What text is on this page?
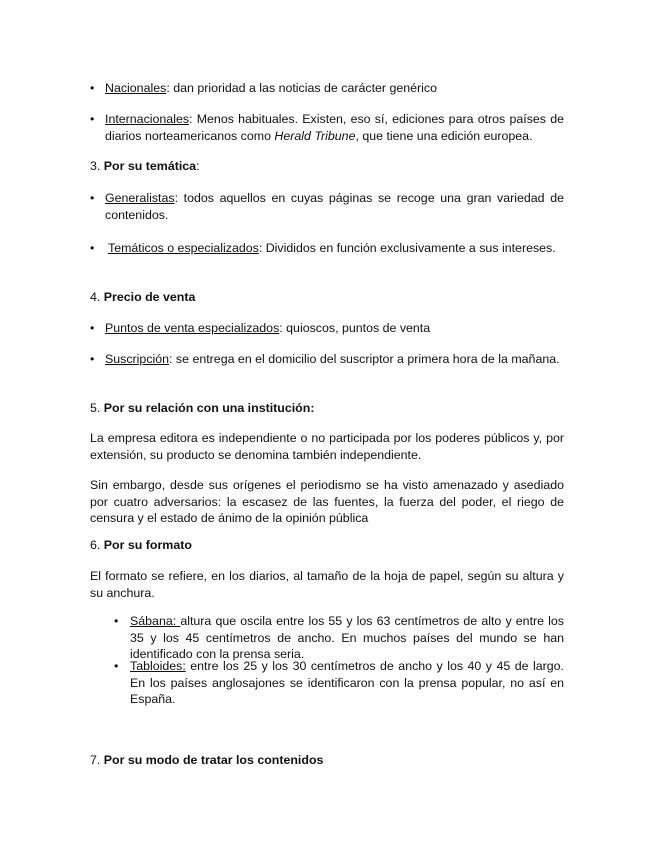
• Nacionales: dan prioridad a las noticias de carácter genérico
• Internacionales: Menos habituales. Existen, eso sí, ediciones para otros países de diarios norteamericanos como Herald Tribune, que tiene una edición europea.
3. Por su temática:
• Generalistas: todos aquellos en cuyas páginas se recoge una gran variedad de contenidos.
•	Temáticos o especializados: Divididos en función exclusivamente a sus intereses.
4. Precio de venta
• Puntos de venta especializados: quioscos, puntos de venta
• Suscripción: se entrega en el domicilio del suscriptor a primera hora de la mañana.
5. Por su relación con una institución:

La empresa editora es independiente o no participada por los poderes públicos y, por extensión, su producto se denomina también independiente.

Sin embargo, desde sus orígenes el periodismo se ha visto amenazado y asediado por cuatro adversarios: la escasez de las fuentes, la fuerza del poder, el riego de censura y el estado de ánimo de la opinión pública

6. Por su formato

El formato se refiere, en los diarios, al tamaño de la hoja de papel, según su altura y su anchura.

• Sábana: altura que oscila entre los 55 y los 63 centímetros de alto y entre los 35 y los 45 centímetros de ancho. En muchos países del mundo se han identificado con la prensa seria.
• Tabloides: entre los 25 y los 30 centímetros de ancho y los 40 y 45 de largo. En los países anglosajones se identificaron con la prensa popular, no así en España.
7. Por su modo de tratar los contenidos
